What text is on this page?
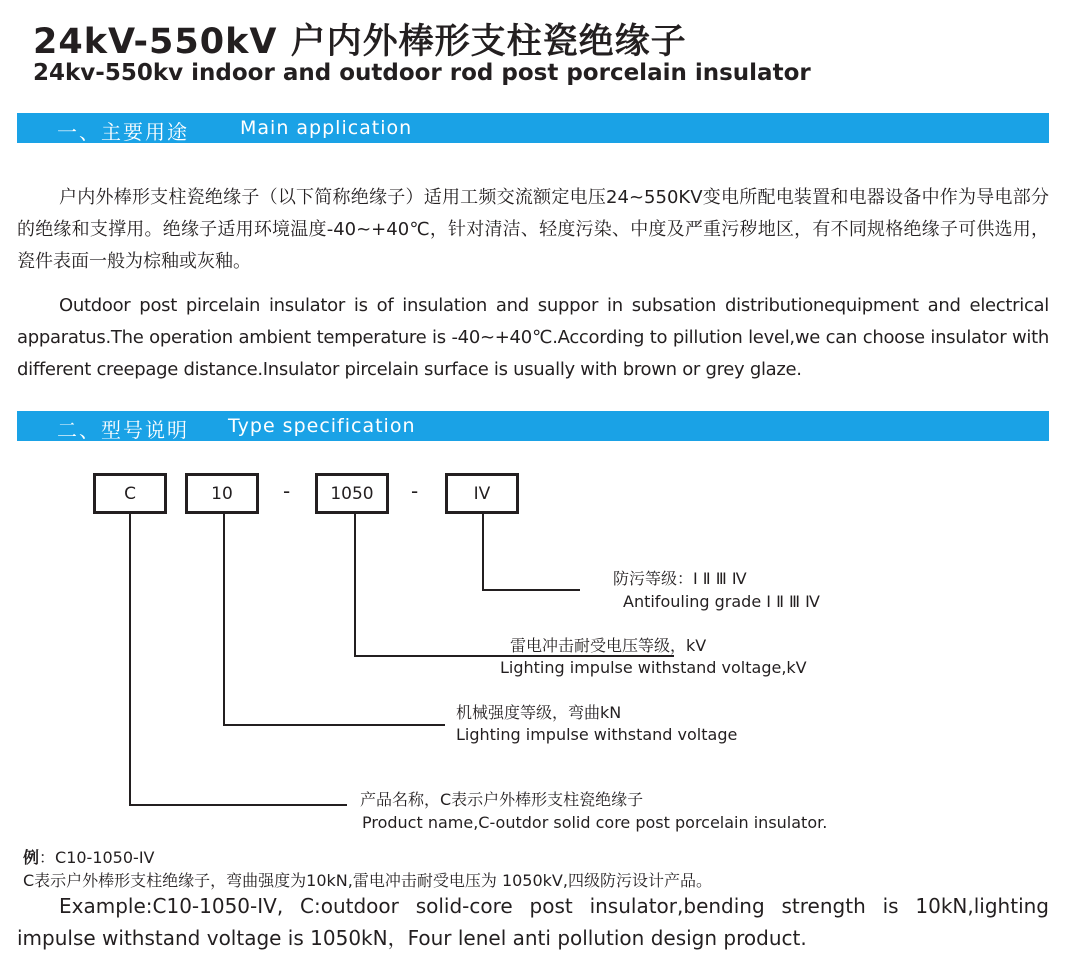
24kV-550kV 户内外棒形支柱瓷绝缘子
24kv-550kv indoor and outdoor rod post porcelain insulator
一、主要用途	Main application
户内外棒形支柱瓷绝缘子（以下简称绝缘子）适用工频交流额定电压24~550KV变电所配电装置和电器设备中作为导电部分的绝缘和支撑用。绝缘子适用环境温度-40~+40℃，针对清洁、轻度污染、中度及严重污秽地区，有不同规格绝缘子可供选用，瓷件表面一般为棕釉或灰釉。
Outdoor post pircelain insulator is of insulation and suppor in subsation distributionequipment and electrical apparatus.The operation ambient temperature is -40~+40℃.According to pillution level,we can choose insulator with different creepage distance.Insulator pircelain surface is usually with brown or grey glaze.
二、型号说明 Type specification
C	10	-	1050	-	IV
防污等级：Ⅰ Ⅱ Ⅲ Ⅳ
Antifouling grade Ⅰ Ⅱ Ⅲ Ⅳ
雷电冲击耐受电压等级，kV
Lighting impulse withstand voltage,kV
机械强度等级，弯曲kN
Lighting impulse withstand voltage
产品名称，C表示户外棒形支柱瓷绝缘子
Product name,C-outdor solid core post porcelain insulator.
例：C10-1050-IV
C表示户外棒形支柱绝缘子，弯曲强度为10kN,雷电冲击耐受电压为 1050kV,四级防污设计产品。
Example:C10-1050-IV, C:outdoor solid-core post insulator,bending strength is 10kN,lighting impulse withstand voltage is 1050kN，Four lenel anti pollution design product.
